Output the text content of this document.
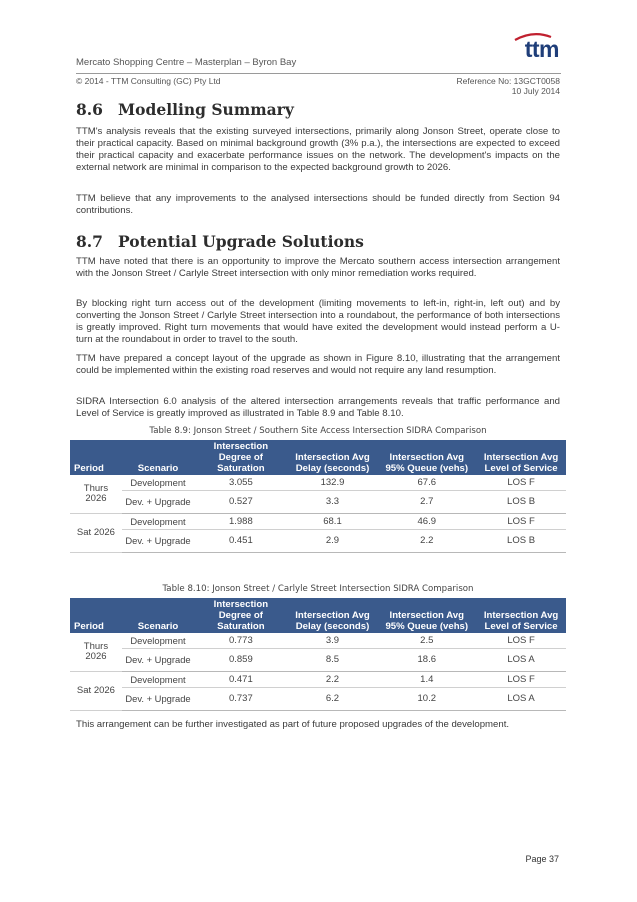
ttm
Mercato Shopping Centre – Masterplan – Byron Bay
© 2014 - TTM Consulting (GC) Pty Ltd	Reference No: 13GCT0058
10 July 2014
8.6 Modelling Summary

TTM's analysis reveals that the existing surveyed intersections, primarily along Jonson Street, operate close to their practical capacity. Based on minimal background growth (3% p.a.), the intersections are expected to exceed their practical capacity and exacerbate performance issues on the network. The development's impacts on the external network are minimal in comparison to the expected background growth to 2026.

TTM believe that any improvements to the analysed intersections should be funded directly from Section 94 contributions.

8.7 Potential Upgrade Solutions

TTM have noted that there is an opportunity to improve the Mercato southern access intersection arrangement with the Jonson Street / Carlyle Street intersection with only minor remediation works required.

By blocking right turn access out of the development (limiting movements to left-in, right-in, left out) and by converting the Jonson Street / Carlyle Street intersection into a roundabout, the performance of both intersections is greatly improved. Right turn movements that would have exited the development would instead perform a U-turn at the roundabout in order to travel to the south.

TTM have prepared a concept layout of the upgrade as shown in Figure 8.10, illustrating that the arrangement could be implemented within the existing road reserves and would not require any land resumption.

SIDRA Intersection 6.0 analysis of the altered intersection arrangements reveals that traffic performance and Level of Service is greatly improved as illustrated in Table 8.9 and Table 8.10.

Table 8.9: Jonson Street / Southern Site Access Intersection SIDRA Comparison
Period	Scenario	Intersection Degree of Saturation	Intersection Avg Delay (seconds)	Intersection Avg 95% Queue (vehs)	Intersection Avg Level of Service
Thurs 2026	Development	3.055	132.9	67.6	LOS F
	Dev. + Upgrade	0.527	3.3	2.7	LOS B
Sat 2026	Development	1.988	68.1	46.9	LOS F
	Dev. + Upgrade	0.451	2.9	2.2	LOS B
Table 8.10: Jonson Street / Carlyle Street Intersection SIDRA Comparison
Period	Scenario	Intersection Degree of Saturation	Intersection Avg Delay (seconds)	Intersection Avg 95% Queue (vehs)	Intersection Avg Level of Service
Thurs 2026	Development	0.773	3.9	2.5	LOS F
	Dev. + Upgrade	0.859	8.5	18.6	LOS A
Sat 2026	Development	0.471	2.2	1.4	LOS F
	Dev. + Upgrade	0.737	6.2	10.2	LOS A

This arrangement can be further investigated as part of future proposed upgrades of the development.

Page 37
